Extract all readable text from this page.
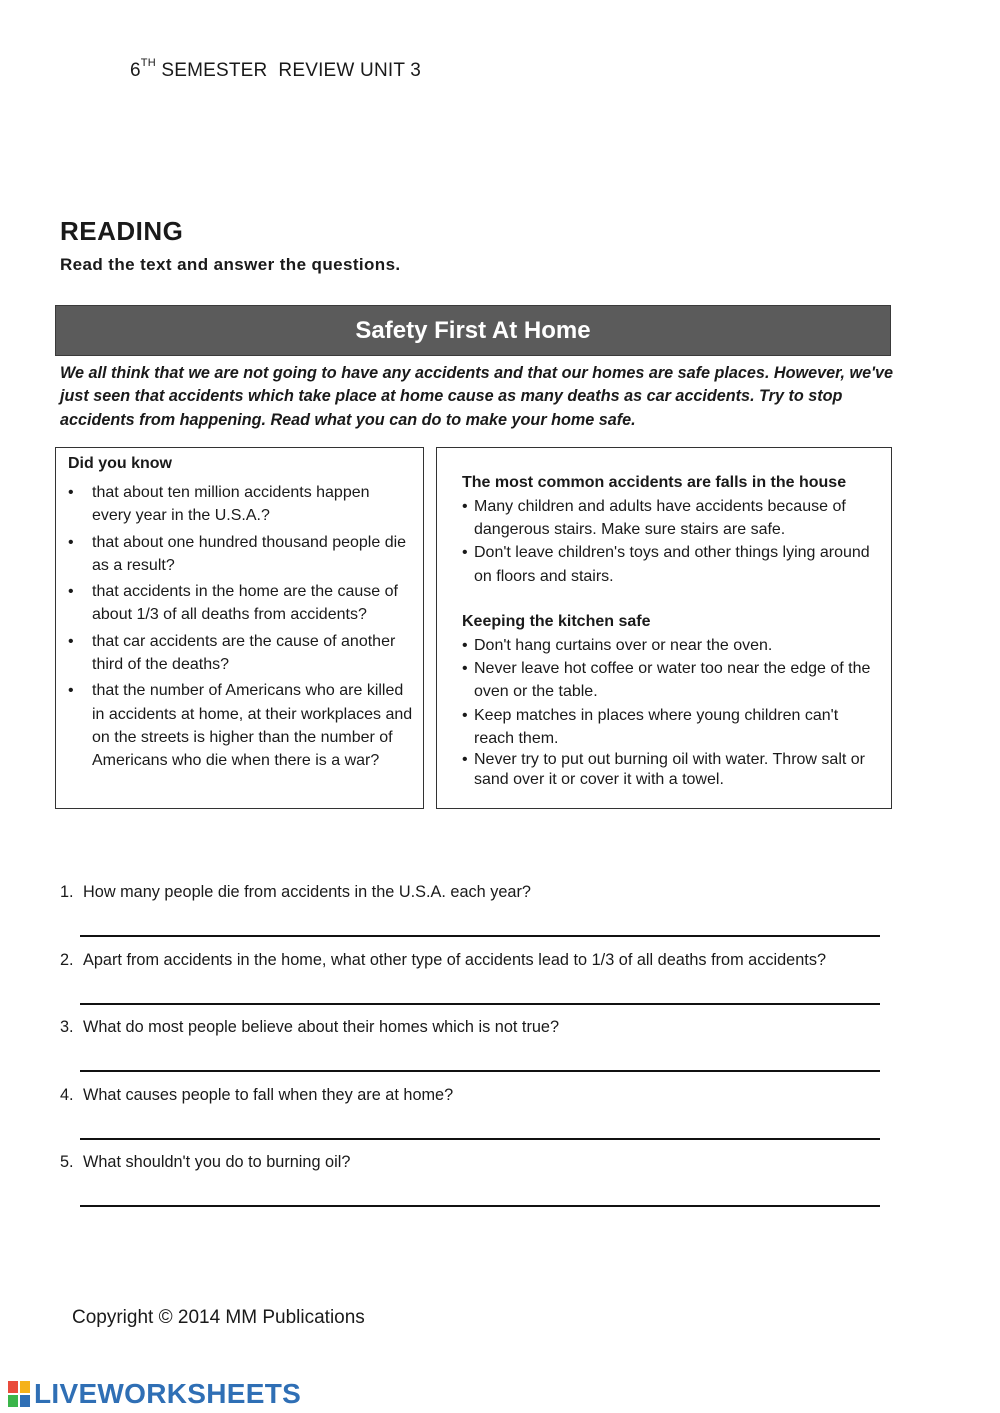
6TH SEMESTER  REVIEW UNIT 3
READING
Read the text and answer the questions.
Safety First At Home
We all think that we are not going to have any accidents and that our homes are safe places. However, we've just seen that accidents which take place at home cause as many deaths as car accidents. Try to stop accidents from happening. Read what you can do to make your home safe.
Did you know
• that about ten million accidents happen every year in the U.S.A.?
• that about one hundred thousand people die as a result?
• that accidents in the home are the cause of about 1/3 of all deaths from accidents?
• that car accidents are the cause of another third of the deaths?
• that the number of Americans who are killed in accidents at home, at their workplaces and on the streets is higher than the number of Americans who die when there is a war?
The most common accidents are falls in the house
• Many children and adults have accidents because of dangerous stairs. Make sure stairs are safe.
• Don't leave children's toys and other things lying around on floors and stairs.
Keeping the kitchen safe
• Don't hang curtains over or near the oven.
• Never leave hot coffee or water too near the edge of the oven or the table.
• Keep matches in places where young children can't reach them.
• Never try to put out burning oil with water. Throw salt or sand over it or cover it with a towel.
1. How many people die from accidents in the U.S.A. each year?
2. Apart from accidents in the home, what other type of accidents lead to 1/3 of all deaths from accidents?
3. What do most people believe about their homes which is not true?
4. What causes people to fall when they are at home?
5. What shouldn't you do to burning oil?
Copyright © 2014 MM Publications
LIVEWORKSHEETS
